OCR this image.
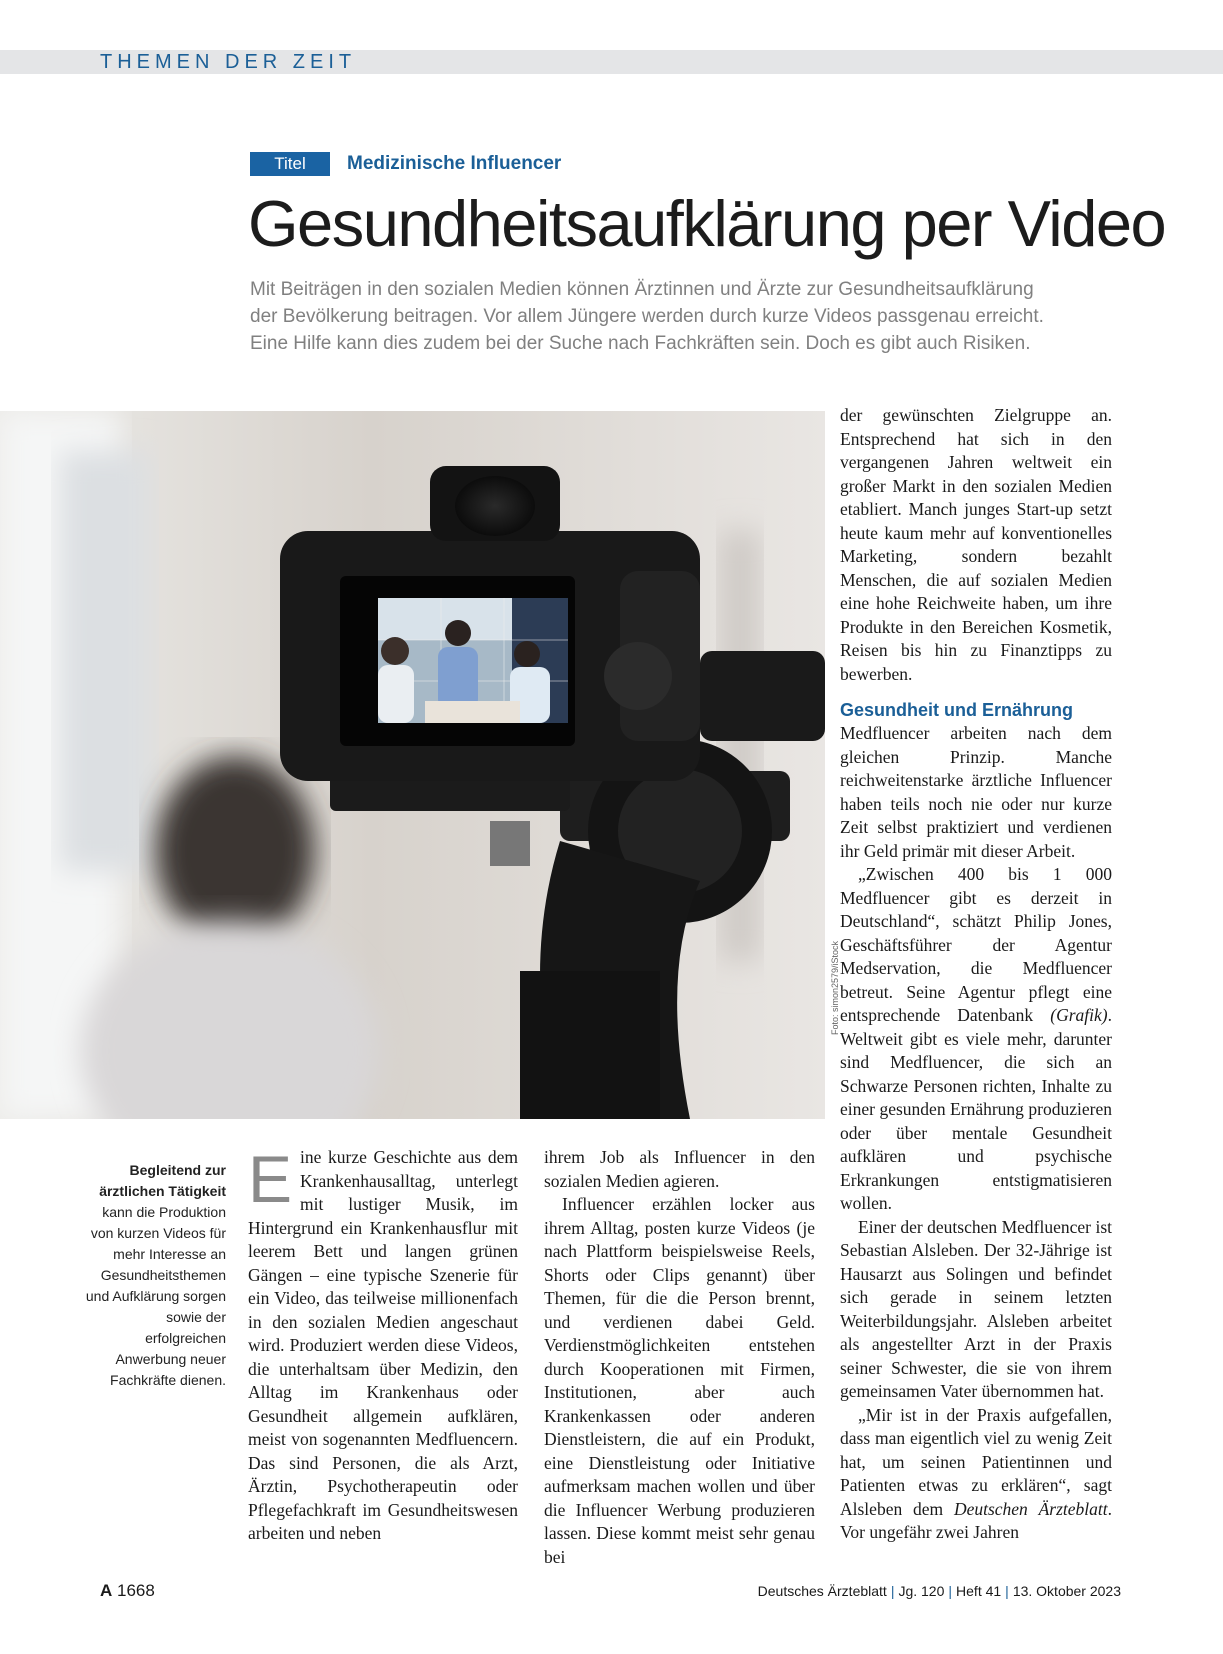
THEMEN DER ZEIT
Titel	Medizinische Influencer
Gesundheitsaufklärung per Video
Mit Beiträgen in den sozialen Medien können Ärztinnen und Ärzte zur Gesundheitsaufklärung
der Bevölkerung beitragen. Vor allem Jüngere werden durch kurze Videos passgenau erreicht.
Eine Hilfe kann dies zudem bei der Suche nach Fachkräften sein. Doch es gibt auch Risiken.
Foto: simon2579/iStock
Begleitend zur ärztlichen Tätigkeit kann die Produktion von kurzen Videos für mehr Interesse an Gesundheitsthemen und Aufklärung sorgen sowie der erfolgreichen Anwerbung neuer Fachkräfte dienen.
E ine kurze Geschichte aus dem Krankenhausalltag, unterlegt mit lustiger Musik, im Hintergrund ein Krankenhausflur mit leerem Bett und langen grünen Gängen – eine typische Szenerie für ein Video, das teilweise millionenfach in den sozialen Medien angeschaut wird. Produziert werden diese Videos, die unterhaltsam über Medizin, den Alltag im Krankenhaus oder Gesundheit allgemein aufklären, meist von sogenannten Medfluencern. Das sind Personen, die als Arzt, Ärztin, Psychotherapeutin oder Pflegefachkraft im Gesundheitswesen arbeiten und neben

ihrem Job als Influencer in den sozialen Medien agieren.

Influencer erzählen locker aus ihrem Alltag, posten kurze Videos (je nach Plattform beispielsweise Reels, Shorts oder Clips genannt) über Themen, für die die Person brennt, und verdienen dabei Geld. Verdienstmöglichkeiten entstehen durch Kooperationen mit Firmen, Institutionen, aber auch Krankenkassen oder anderen Dienstleistern, die auf ein Produkt, eine Dienstleistung oder Initiative aufmerksam machen wollen und über die Influencer Werbung produzieren lassen. Diese kommt meist sehr genau bei

der gewünschten Zielgruppe an. Entsprechend hat sich in den vergangenen Jahren weltweit ein großer Markt in den sozialen Medien etabliert. Manch junges Start-up setzt heute kaum mehr auf konventionelles Marketing, sondern bezahlt Menschen, die auf sozialen Medien eine hohe Reichweite haben, um ihre Produkte in den Bereichen Kosmetik, Reisen bis hin zu Finanztipps zu bewerben.

Gesundheit und Ernährung

Medfluencer arbeiten nach dem gleichen Prinzip. Manche reichweitenstarke ärztliche Influencer haben teils noch nie oder nur kurze Zeit selbst praktiziert und verdienen ihr Geld primär mit dieser Arbeit.

„Zwischen 400 bis 1 000 Medfluencer gibt es derzeit in Deutschland“, schätzt Philip Jones, Geschäftsführer der Agentur Medservation, die Medfluencer betreut. Seine Agentur pflegt eine entsprechende Datenbank (Grafik). Weltweit gibt es viele mehr, darunter sind Medfluencer, die sich an Schwarze Personen richten, Inhalte zu einer gesunden Ernährung produzieren oder über mentale Gesundheit aufklären und psychische Erkrankungen entstigmatisieren wollen.

Einer der deutschen Medfluencer ist Sebastian Alsleben. Der 32-Jährige ist Hausarzt aus Solingen und befindet sich gerade in seinem letzten Weiterbildungsjahr. Alsleben arbeitet als angestellter Arzt in der Praxis seiner Schwester, die sie von ihrem gemeinsamen Vater übernommen hat.

„Mir ist in der Praxis aufgefallen, dass man eigentlich viel zu wenig Zeit hat, um seinen Patientinnen und Patienten etwas zu erklären“, sagt Alsleben dem Deutschen Ärzteblatt. Vor ungefähr zwei Jahren

A 1668	Deutsches Ärzteblatt | Jg. 120 | Heft 41 | 13. Oktober 2023
